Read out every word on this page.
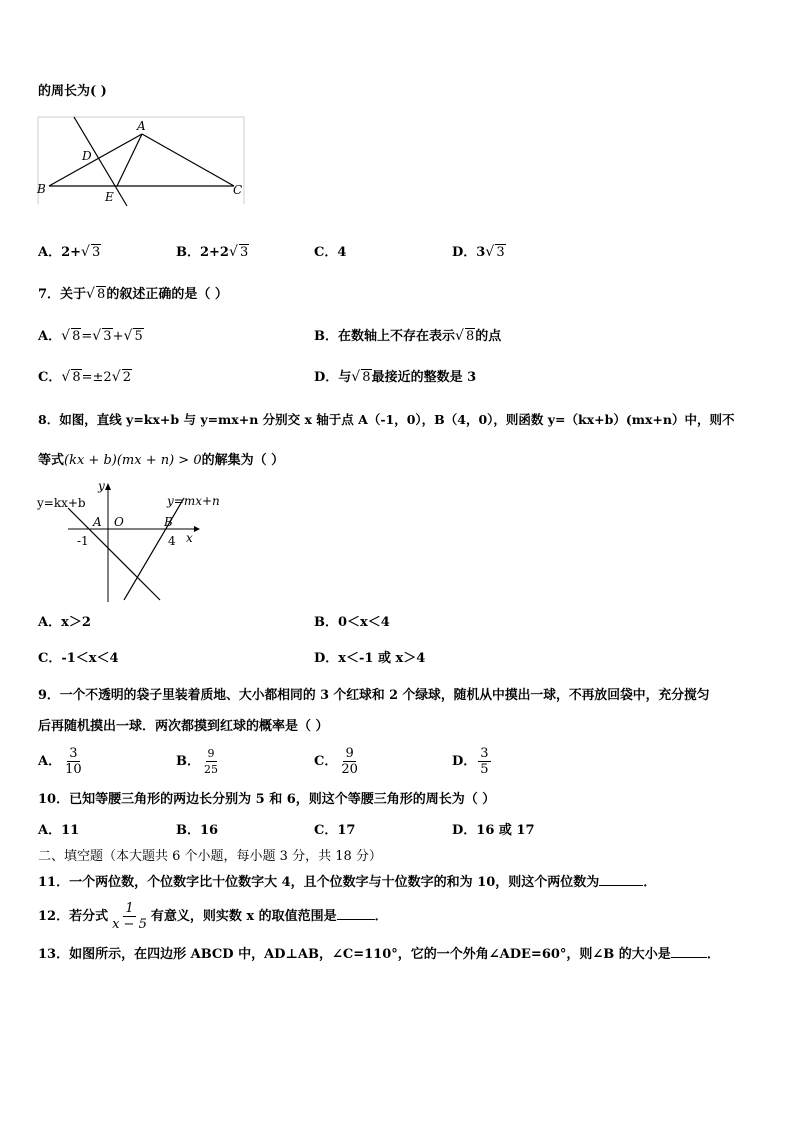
的周长为( )
A
D
B
E	C
A．2+ √ 3	B．2+2 √ 3	C．4	D．3 √ 3
7．关于 √ 8的叙述正确的是（ ）
A． √ 8= √ 3+ √ 5	B．在数轴上不存在表示 √ 8的点
C． √ 8=±2 √ 2	D．与 √ 8最接近的整数是 3
8．如图，直线 y=kx+b 与 y=mx+n 分别交 x 轴于点 A（-1，0），B（4，0），则函数 y=（kx+b）(mx+n）中，则不
等式(kx + b)(mx + n) > 0的解集为（ ）
y=kx+b	y=mx+n
y
A O	B
-1	4 x
A．x＞2	B．0＜x＜4
C．-1＜x＜4	D．x＜-1 或 x＞4
9．一个不透明的袋子里装着质地、大小都相同的 3 个红球和 2 个绿球，随机从中摸出一球，不再放回袋中，充分搅匀
后再随机摸出一球．两次都摸到红球的概率是（ ）
A． $\frac{3}{10}$	B． $\frac{9}{25}$	C． $\frac{9}{20}$	D． $\frac{3}{5}$
10．已知等腰三角形的两边长分别为 5 和 6，则这个等腰三角形的周长为（ ）
A．11	B．16	C．17	D．16 或 17
二、填空题（本大题共 6 个小题，每小题 3 分，共 18 分）
11．一个两位数，个位数字比十位数字大 4，且个位数字与十位数字的和为 10，则这个两位数为	．
12．若分式 $\frac{1}{x - 5}$ 有意义，则实数 x 的取值范围是	．
13．如图所示，在四边形 ABCD 中，AD⊥AB，∠C=110°，它的一个外角∠ADE=60°，则∠B 的大小是	．
